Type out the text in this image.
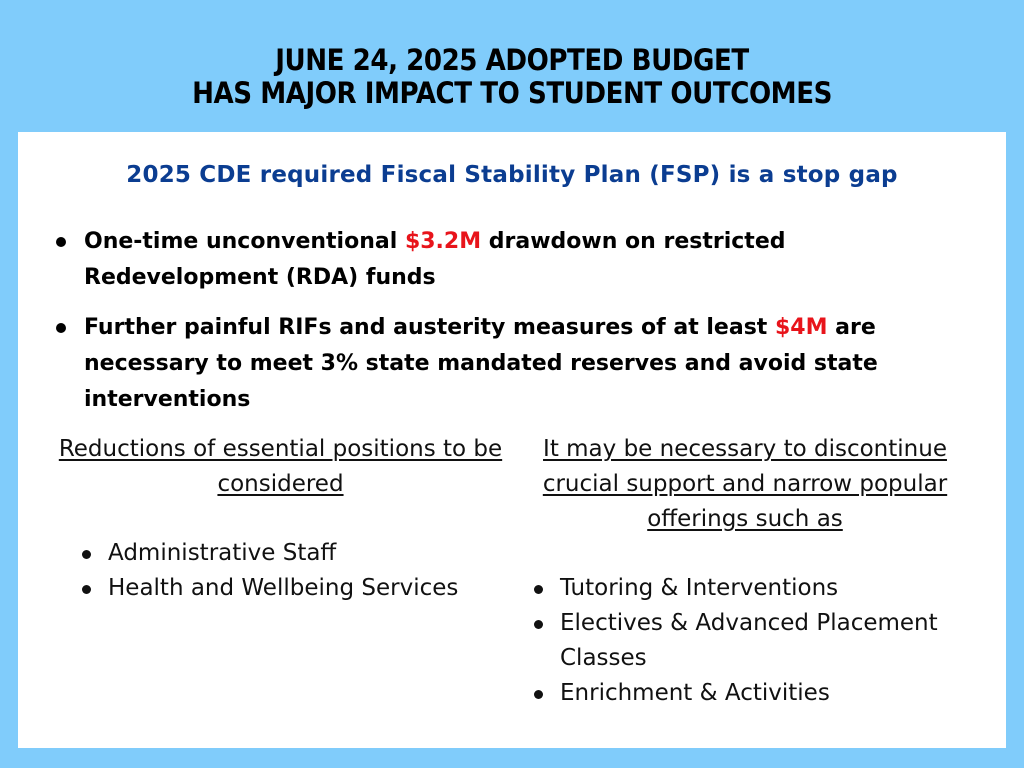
JUNE 24, 2025 ADOPTED BUDGET
HAS MAJOR IMPACT TO STUDENT OUTCOMES
2025 CDE required Fiscal Stability Plan (FSP) is a stop gap
One-time unconventional $3.2M drawdown on restricted Redevelopment (RDA) funds
Further painful RIFs and austerity measures of at least $4M are necessary to meet 3% state mandated reserves and avoid state interventions
Reductions of essential positions to be considered
Administrative Staff
Health and Wellbeing Services
It may be necessary to discontinue crucial support and narrow popular offerings such as
Tutoring & Interventions
Electives & Advanced Placement Classes
Enrichment & Activities
